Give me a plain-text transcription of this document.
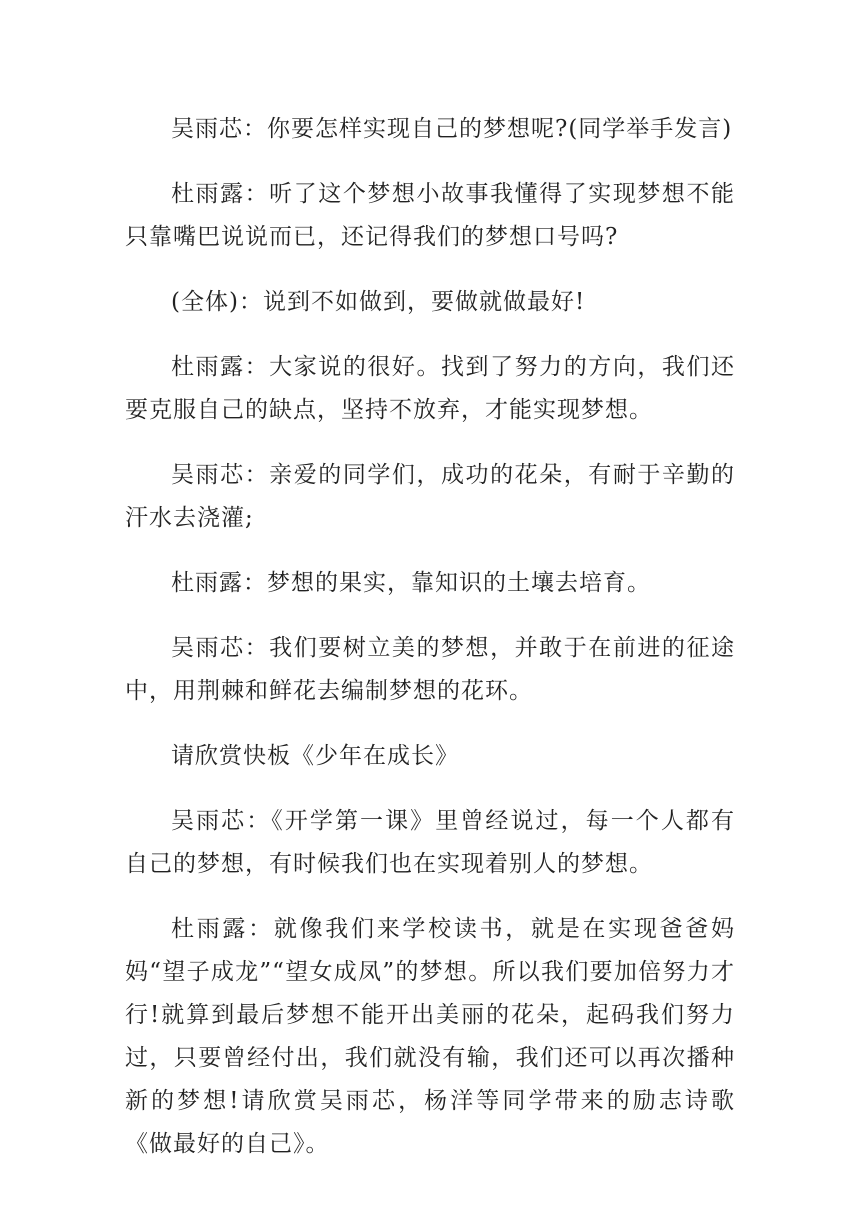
吴雨芯：你要怎样实现自己的梦想呢?(同学举手发言)

杜雨露：听了这个梦想小故事我懂得了实现梦想不能只靠嘴巴说说而已，还记得我们的梦想口号吗?

(全体)：说到不如做到，要做就做最好!

杜雨露：大家说的很好。找到了努力的方向，我们还要克服自己的缺点，坚持不放弃，才能实现梦想。

吴雨芯：亲爱的同学们，成功的花朵，有耐于辛勤的汗水去浇灌;

杜雨露：梦想的果实，靠知识的土壤去培育。

吴雨芯：我们要树立美的梦想，并敢于在前进的征途中，用荆棘和鲜花去编制梦想的花环。

请欣赏快板《少年在成长》

吴雨芯：《开学第一课》里曾经说过，每一个人都有自己的梦想，有时候我们也在实现着别人的梦想。

杜雨露：就像我们来学校读书，就是在实现爸爸妈妈“望子成龙”“望女成凤”的梦想。所以我们要加倍努力才行!就算到最后梦想不能开出美丽的花朵，起码我们努力过，只要曾经付出，我们就没有输，我们还可以再次播种新的梦想!请欣赏吴雨芯，杨洋等同学带来的励志诗歌《做最好的自己》。
